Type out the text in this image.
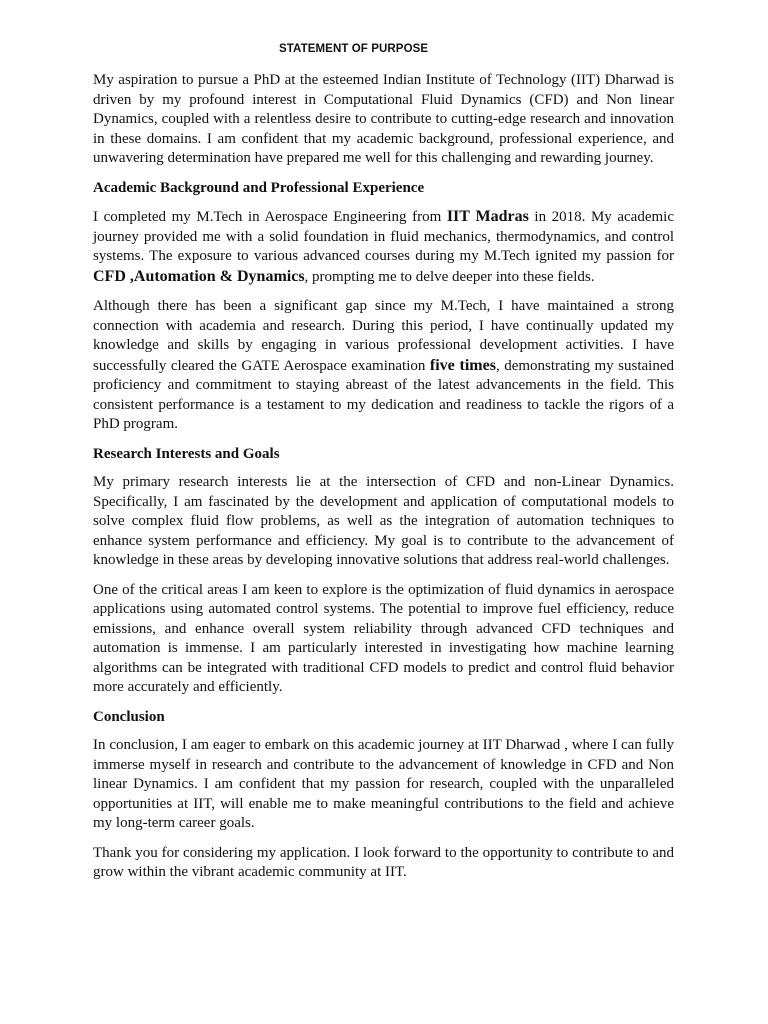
STATEMENT OF PURPOSE

My aspiration to pursue a PhD at the esteemed Indian Institute of Technology (IIT) Dharwad is driven by my profound interest in Computational Fluid Dynamics (CFD) and Non linear Dynamics, coupled with a relentless desire to contribute to cutting-edge research and innovation in these domains. I am confident that my academic background, professional experience, and unwavering determination have prepared me well for this challenging and rewarding journey.

Academic Background and Professional Experience

I completed my M.Tech in Aerospace Engineering from IIT Madras in 2018. My academic journey provided me with a solid foundation in fluid mechanics, thermodynamics, and control systems. The exposure to various advanced courses during my M.Tech ignited my passion for CFD ,Automation & Dynamics, prompting me to delve deeper into these fields.

Although there has been a significant gap since my M.Tech, I have maintained a strong connection with academia and research. During this period, I have continually updated my knowledge and skills by engaging in various professional development activities. I have successfully cleared the GATE Aerospace examination five times, demonstrating my sustained proficiency and commitment to staying abreast of the latest advancements in the field. This consistent performance is a testament to my dedication and readiness to tackle the rigors of a PhD program.

Research Interests and Goals

My primary research interests lie at the intersection of CFD and non-Linear Dynamics. Specifically, I am fascinated by the development and application of computational models to solve complex fluid flow problems, as well as the integration of automation techniques to enhance system performance and efficiency. My goal is to contribute to the advancement of knowledge in these areas by developing innovative solutions that address real-world challenges.

One of the critical areas I am keen to explore is the optimization of fluid dynamics in aerospace applications using automated control systems. The potential to improve fuel efficiency, reduce emissions, and enhance overall system reliability through advanced CFD techniques and automation is immense. I am particularly interested in investigating how machine learning algorithms can be integrated with traditional CFD models to predict and control fluid behavior more accurately and efficiently.

Conclusion

In conclusion, I am eager to embark on this academic journey at IIT Dharwad , where I can fully immerse myself in research and contribute to the advancement of knowledge in CFD and Non linear Dynamics. I am confident that my passion for research, coupled with the unparalleled opportunities at IIT, will enable me to make meaningful contributions to the field and achieve my long-term career goals.

Thank you for considering my application. I look forward to the opportunity to contribute to and grow within the vibrant academic community at IIT.
